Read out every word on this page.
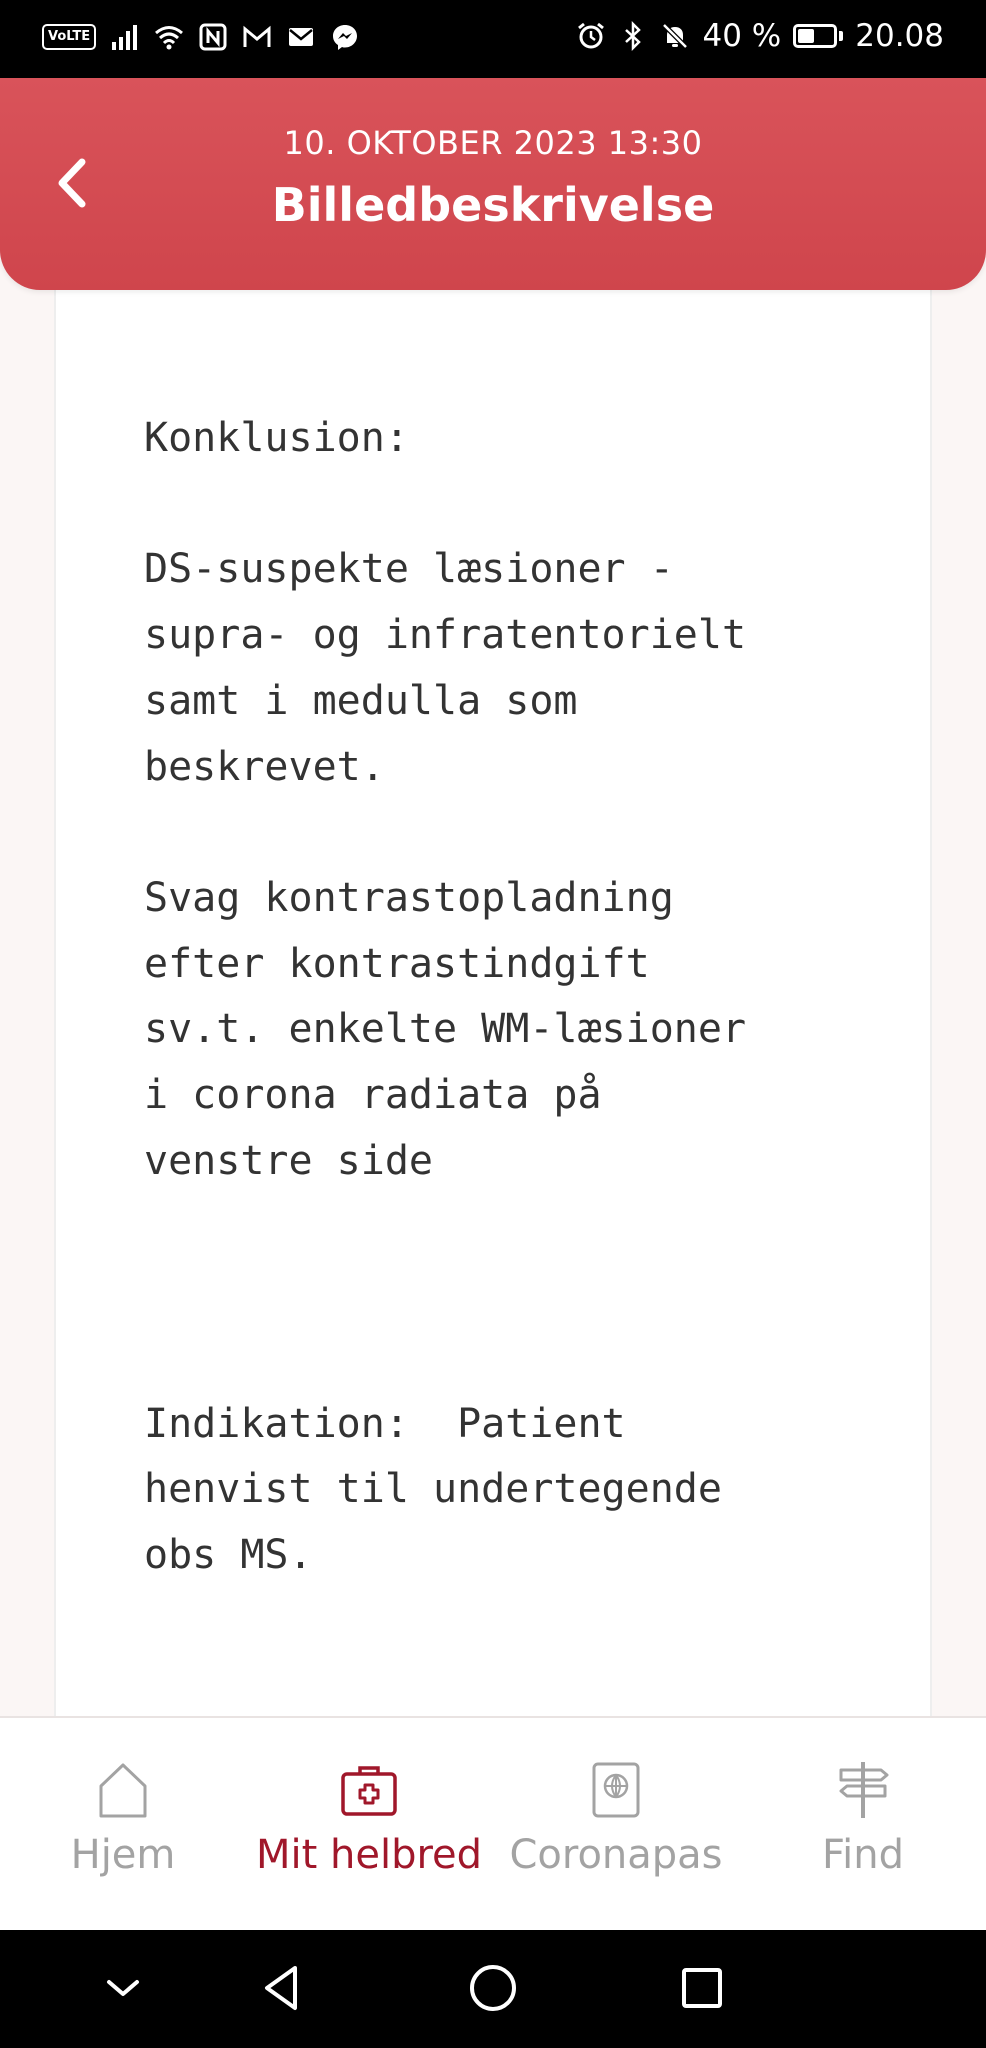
VoLTE	40 % 20.08
10. OKTOBER 2023 13:30
Billedbeskrivelse
Konklusion:

DS-suspekte læsioner -
supra- og infratentorielt
samt i medulla som
beskrevet.

Svag kontrastopladning
efter kontrastindgift
sv.t. enkelte WM-læsioner
i corona radiata på
venstre side

Indikation:  Patient
henvist til undertegende
obs MS.
Hjem	Mit helbred Coronapas	Find
